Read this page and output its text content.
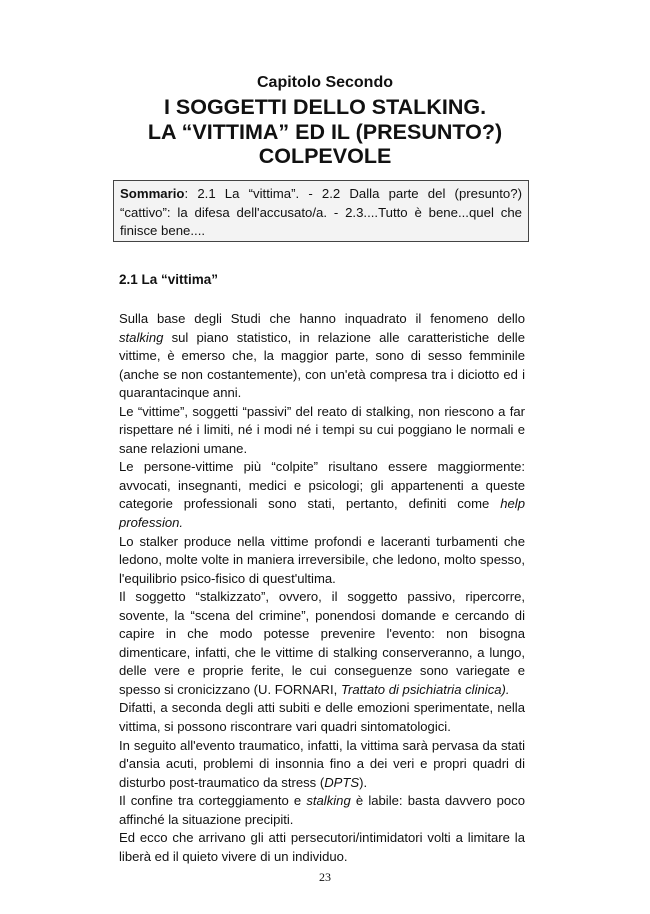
Capitolo Secondo
I SOGGETTI DELLO STALKING.
LA “VITTIMA” ED IL (PRESUNTO?)
COLPEVOLE
Sommario: 2.1 La “vittima”. - 2.2 Dalla parte del (presunto?) “cattivo”: la difesa dell'accusato/a. - 2.3....Tutto è bene...quel che finisce bene....
2.1 La “vittima”

Sulla base degli Studi che hanno inquadrato il fenomeno dello stalking sul piano statistico, in relazione alle caratteristiche delle vittime, è emerso che, la maggior parte, sono di sesso femminile (anche se non costantemente), con un'età compresa tra i diciotto ed i quarantacinque anni.

Le “vittime”, soggetti “passivi” del reato di stalking, non riescono a far rispettare né i limiti, né i modi né i tempi su cui poggiano le normali e sane relazioni umane.

Le persone-vittime più “colpite” risultano essere maggiormente: avvocati, insegnanti, medici e psicologi; gli appartenenti a queste categorie professionali sono stati, pertanto, definiti come help profession.

Lo stalker produce nella vittime profondi e laceranti turbamenti che ledono, molte volte in maniera irreversibile, che ledono, molto spesso, l'equilibrio psico-fisico di quest'ultima.

Il soggetto “stalkizzato”, ovvero, il soggetto passivo, ripercorre, sovente, la “scena del crimine”, ponendosi domande e cercando di capire in che modo potesse prevenire l'evento: non bisogna dimenticare, infatti, che le vittime di stalking conserveranno, a lungo, delle vere e proprie ferite, le cui conseguenze sono variegate e spesso si cronicizzano (U. FORNARI, Trattato di psichiatria clinica).

Difatti, a seconda degli atti subiti e delle emozioni sperimentate, nella vittima, si possono riscontrare vari quadri sintomatologici.

In seguito all'evento traumatico, infatti, la vittima sarà pervasa da stati d'ansia acuti, problemi di insonnia fino a dei veri e propri quadri di disturbo post-traumatico da stress (DPTS).

Il confine tra corteggiamento e stalking è labile: basta davvero poco affinché la situazione precipiti.

Ed ecco che arrivano gli atti persecutori/intimidatori volti a limitare la liberà ed il quieto vivere di un individuo.

23
